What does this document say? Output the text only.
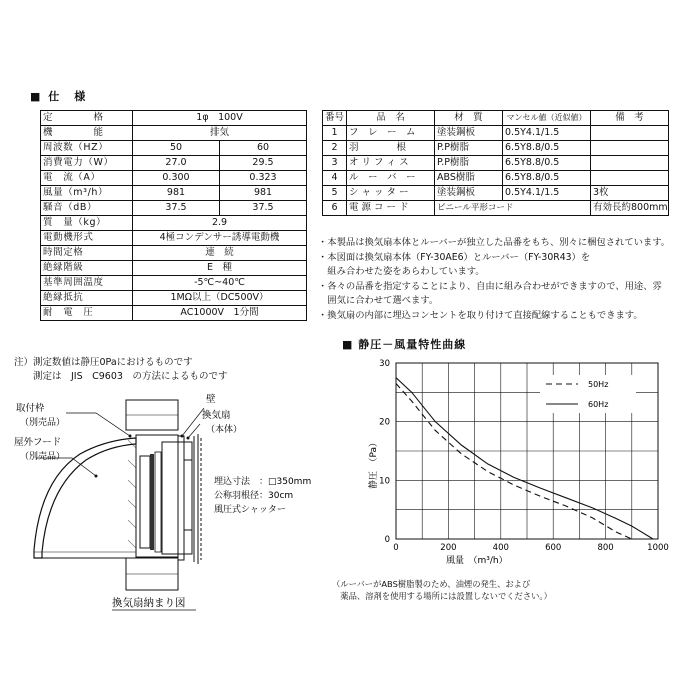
■ 仕　様
定　　　　格	1φ　100V	
機　　　　能	排気	
周波数（HZ）	50	60
消費電力（W）	27.0	29.5
電　流（A）	0.300	0.323
風量（m³/h）	981	981
騒音（dB）	37.5	37.5
質　量（kg）	2.9	
電動機形式	4極コンデンサー誘導電動機	
時間定格	連　続	
絶縁階級	E　種	
基準周囲温度	-5℃~40℃	
絶縁抵抗	1MΩ以上（DC500V）	
耐　電　圧	AC1000V　1分間	
番号	品　名	材　質	マンセル値（近似値）	備　考
1	フ　レ　ー　ム	塗装鋼板	0.5Y4.1/1.5	
2	羽　　　　根	P.P樹脂	6.5Y8.8/0.5	
3	オ リ フ ィ ス	P.P樹脂	6.5Y8.8/0.5	
4	ル　ー　バ　ー	ABS樹脂	6.5Y8.8/0.5	
5	シ ャ ッ タ ー	塗装鋼板	0.5Y4.1/1.5	3枚
6	電 源 コ ー ド	ビニール平形コード		有効長約800mm
・本製品は換気扇本体とルーバーが独立した品番をもち、別々に梱包されています。
・本図面は換気扇本体（FY-30AE6）とルーバー（FY-30R43）を
　組み合わせた姿をあらわしています。
・各々の品番を指定することにより、自由に組み合わせができますので、用途、雰
　囲気に合わせて選べます。
・換気扇の内部に埋込コンセントを取り付けて直接配線することもできます。
注）測定数値は静圧0Paにおけるものです
　　測定は　JIS　C9603　の方法によるものです
取付枠
（別売品）
屋外フード
（別売品）
壁
換気扇
（本体）
埋込寸法　：□350mm
公称羽根径：30cm
風圧式シャッター
換気扇納まり図
■ 静圧－風量特性曲線
0	200	400	600	800	1000
0
10
20
30
風量　（m³/h）
静圧　（Pa）
50Hz
60Hz
（ルーバーがABS樹脂製のため、油煙の発生、および
　薬品、溶剤を使用する場所には設置しないでください。）
